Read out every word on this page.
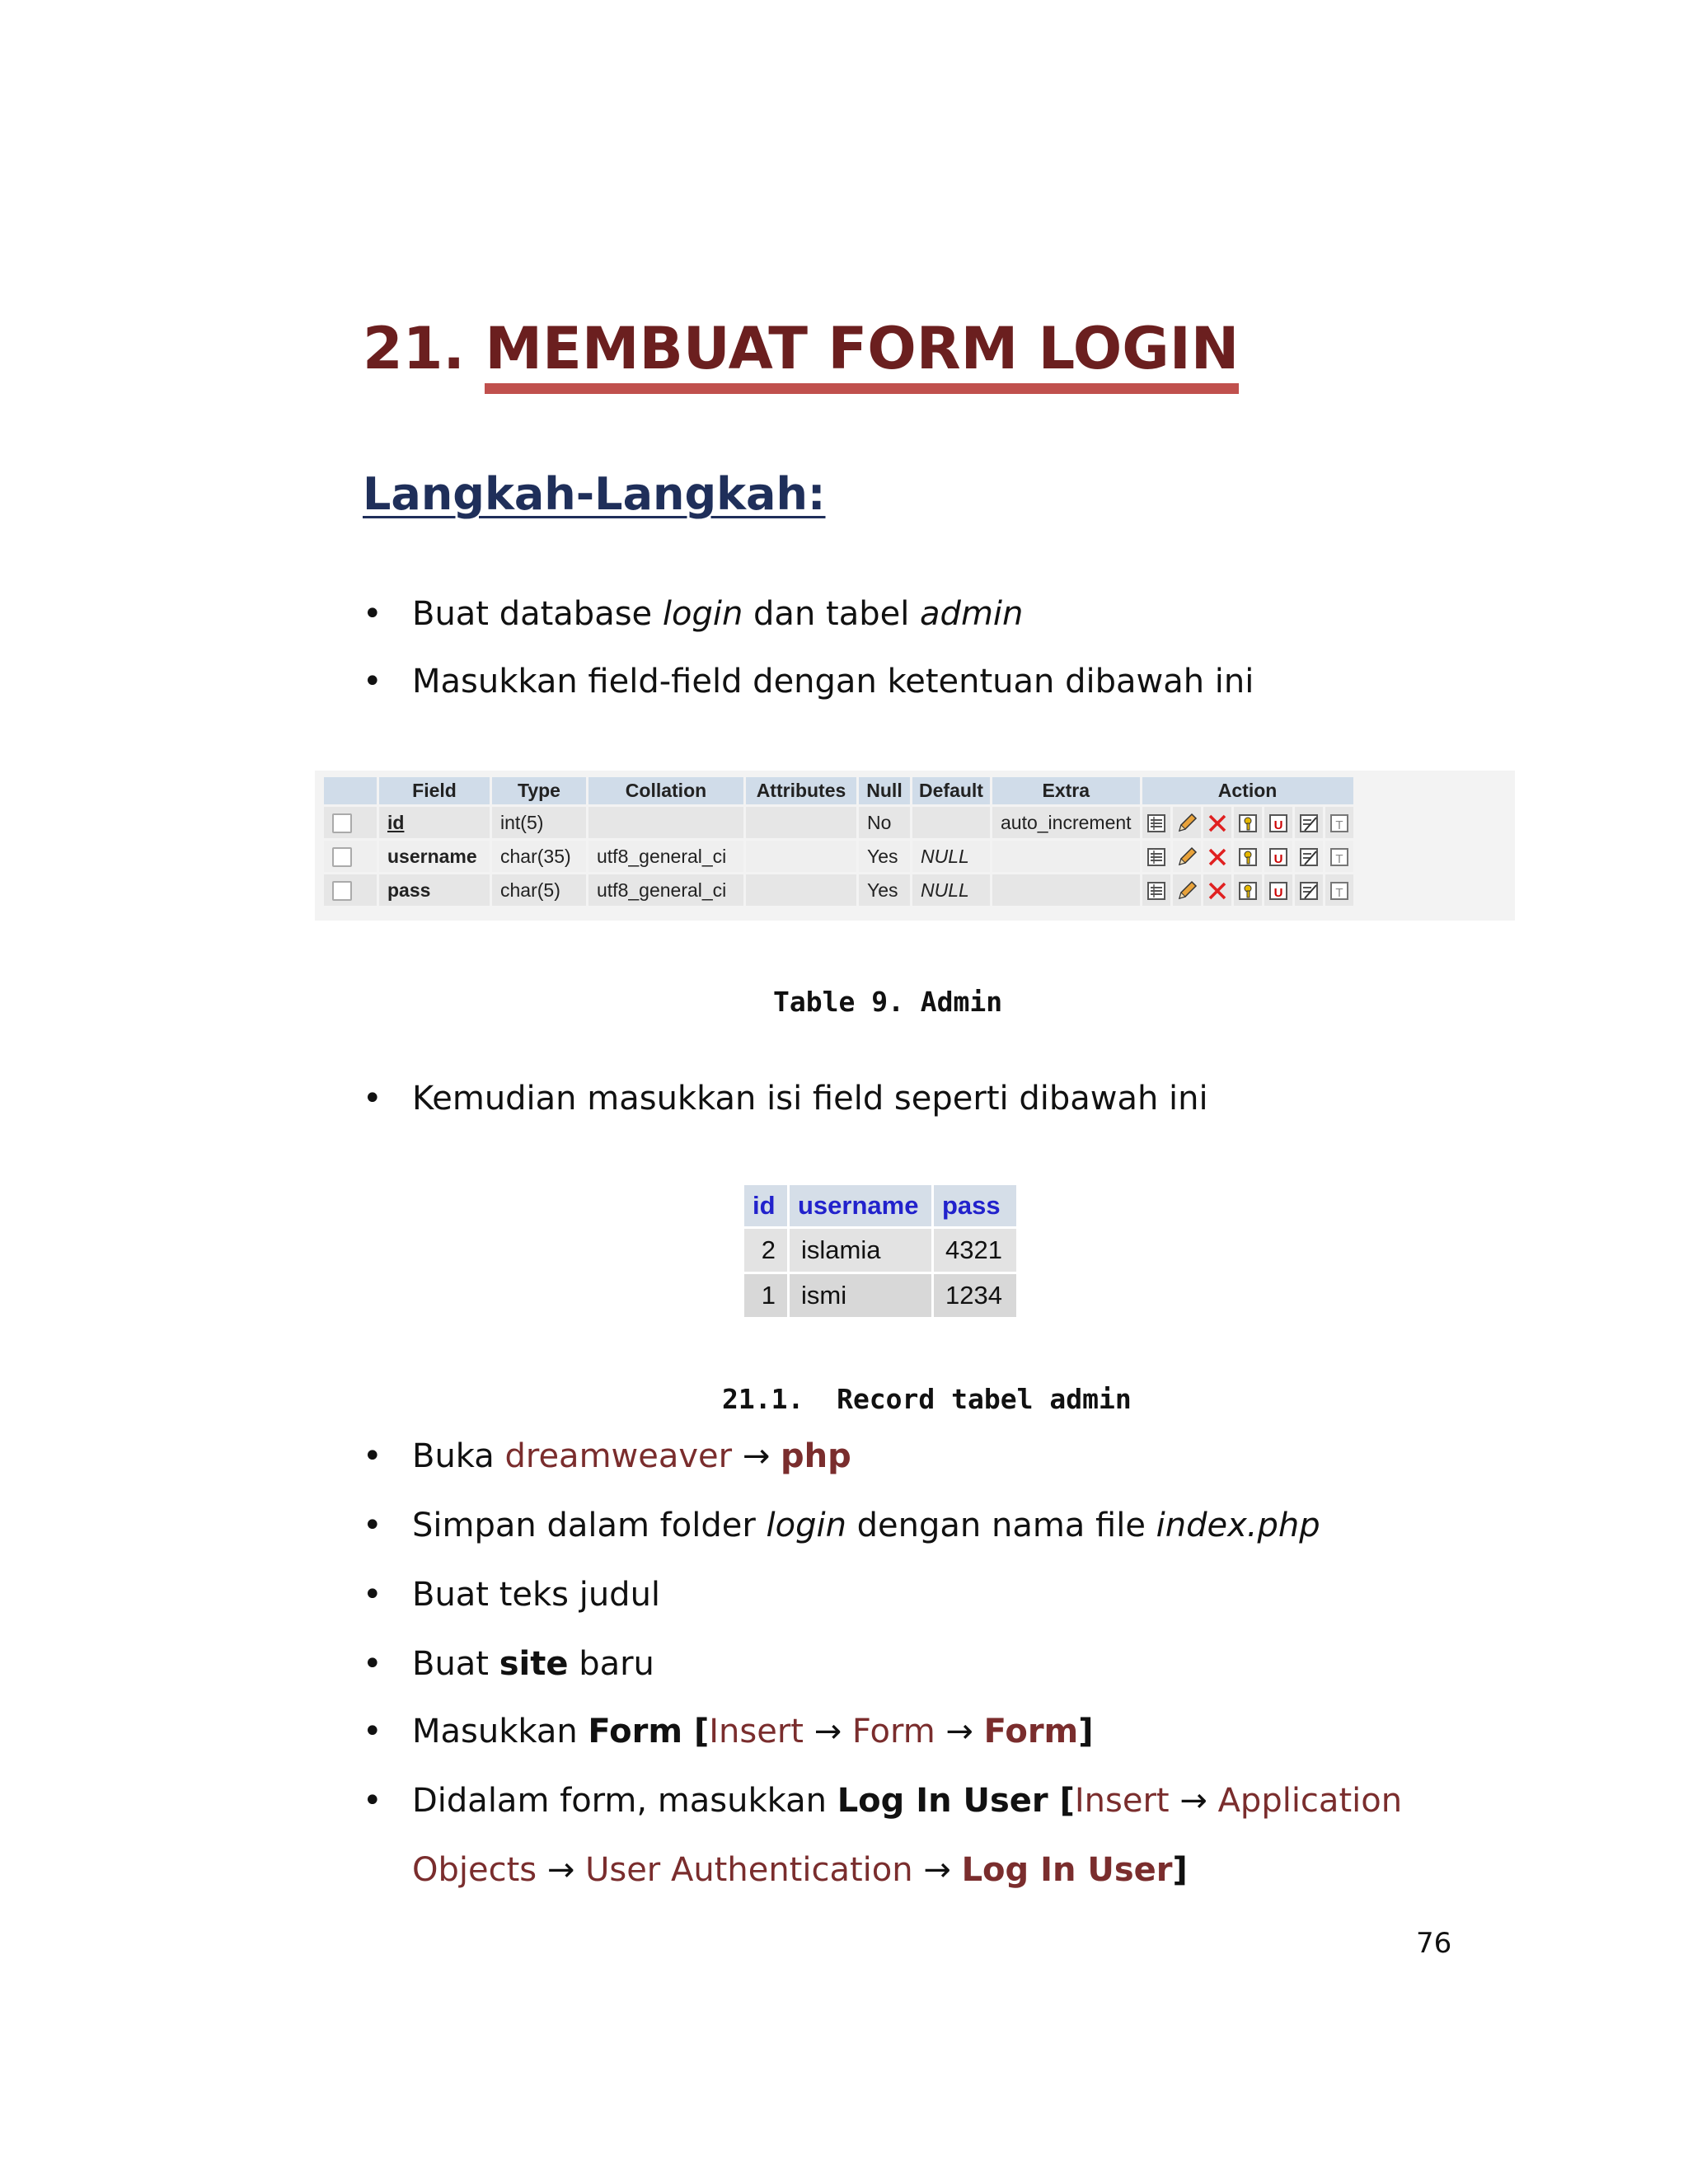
21. MEMBUAT FORM LOGIN
Langkah-Langkah:
• Buat database login dan tabel admin
• Masukkan field-field dengan ketentuan dibawah ini
	Field	Type	Collation	Attributes	Null	Default	Extra	Action						
	id	int(5)			No		auto_increment					U		T

	username	char(35)	utf8_general_ci		Yes	NULL						U		T

	pass	char(5)	utf8_general_ci		Yes	NULL						U		T
Table 9. Admin
• Kemudian masukkan isi field seperti dibawah ini
id	username	pass
2	islamia	4321
1	ismi	1234
21.1.  Record tabel admin
• Buka dreamweaver → php
• Simpan dalam folder login dengan nama file index.php
• Buat teks judul
• Buat site baru
• Masukkan Form [Insert → Form → Form]
• Didalam form, masukkan Log In User [Insert → Application
Objects → User Authentication → Log In User]
76
